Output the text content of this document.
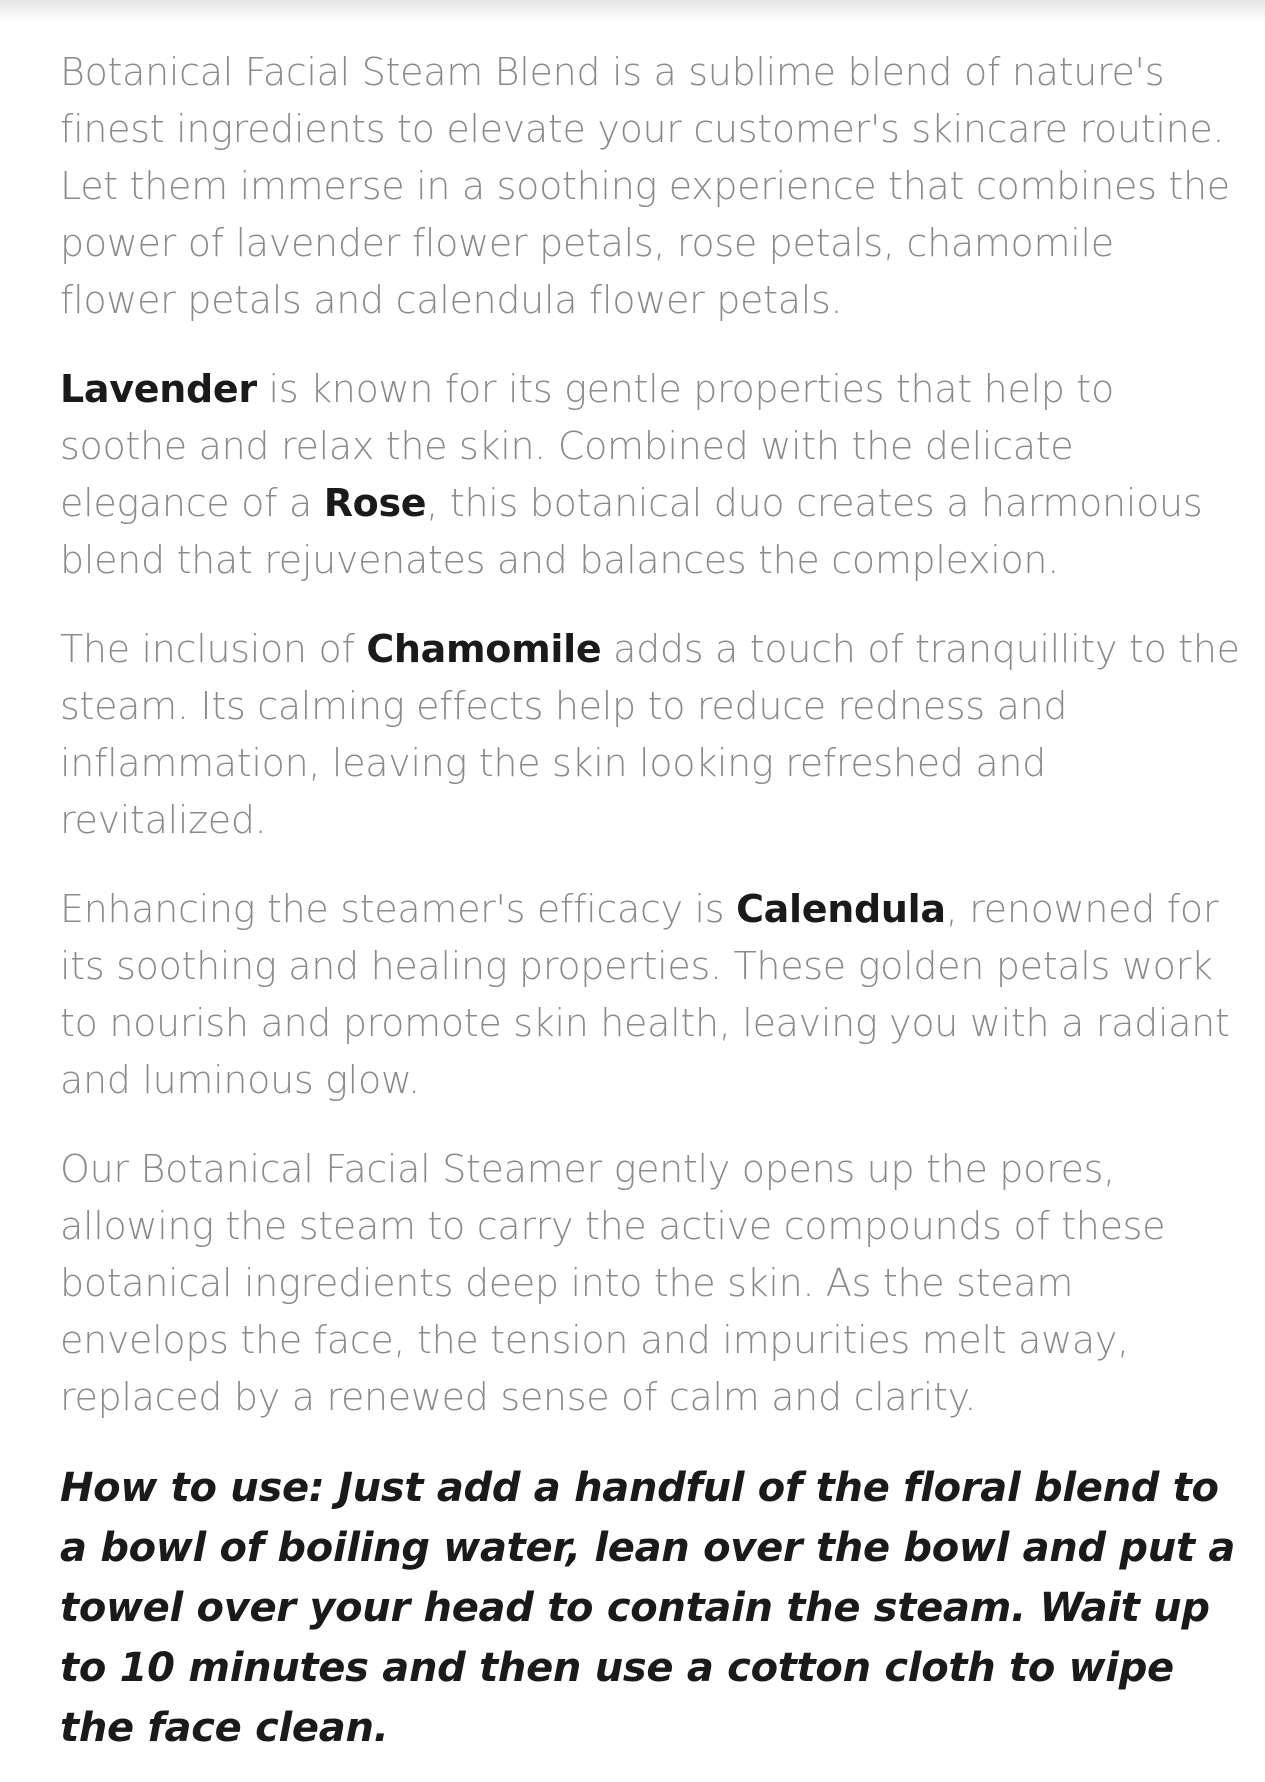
Botanical Facial Steam Blend is a sublime blend of nature's finest ingredients to elevate your customer's skincare routine. Let them immerse in a soothing experience that combines the power of lavender flower petals, rose petals, chamomile flower petals and calendula flower petals.

Lavender is known for its gentle properties that help to soothe and relax the skin. Combined with the delicate elegance of a Rose, this botanical duo creates a harmonious blend that rejuvenates and balances the complexion.

The inclusion of Chamomile adds a touch of tranquillity to the steam. Its calming effects help to reduce redness and inflammation, leaving the skin looking refreshed and revitalized.

Enhancing the steamer's efficacy is Calendula, renowned for its soothing and healing properties. These golden petals work to nourish and promote skin health, leaving you with a radiant and luminous glow.

Our Botanical Facial Steamer gently opens up the pores, allowing the steam to carry the active compounds of these botanical ingredients deep into the skin. As the steam envelops the face, the tension and impurities melt away, replaced by a renewed sense of calm and clarity.

How to use: Just add a handful of the floral blend to a bowl of boiling water, lean over the bowl and put a towel over your head to contain the steam. Wait up to 10 minutes and then use a cotton cloth to wipe the face clean.
